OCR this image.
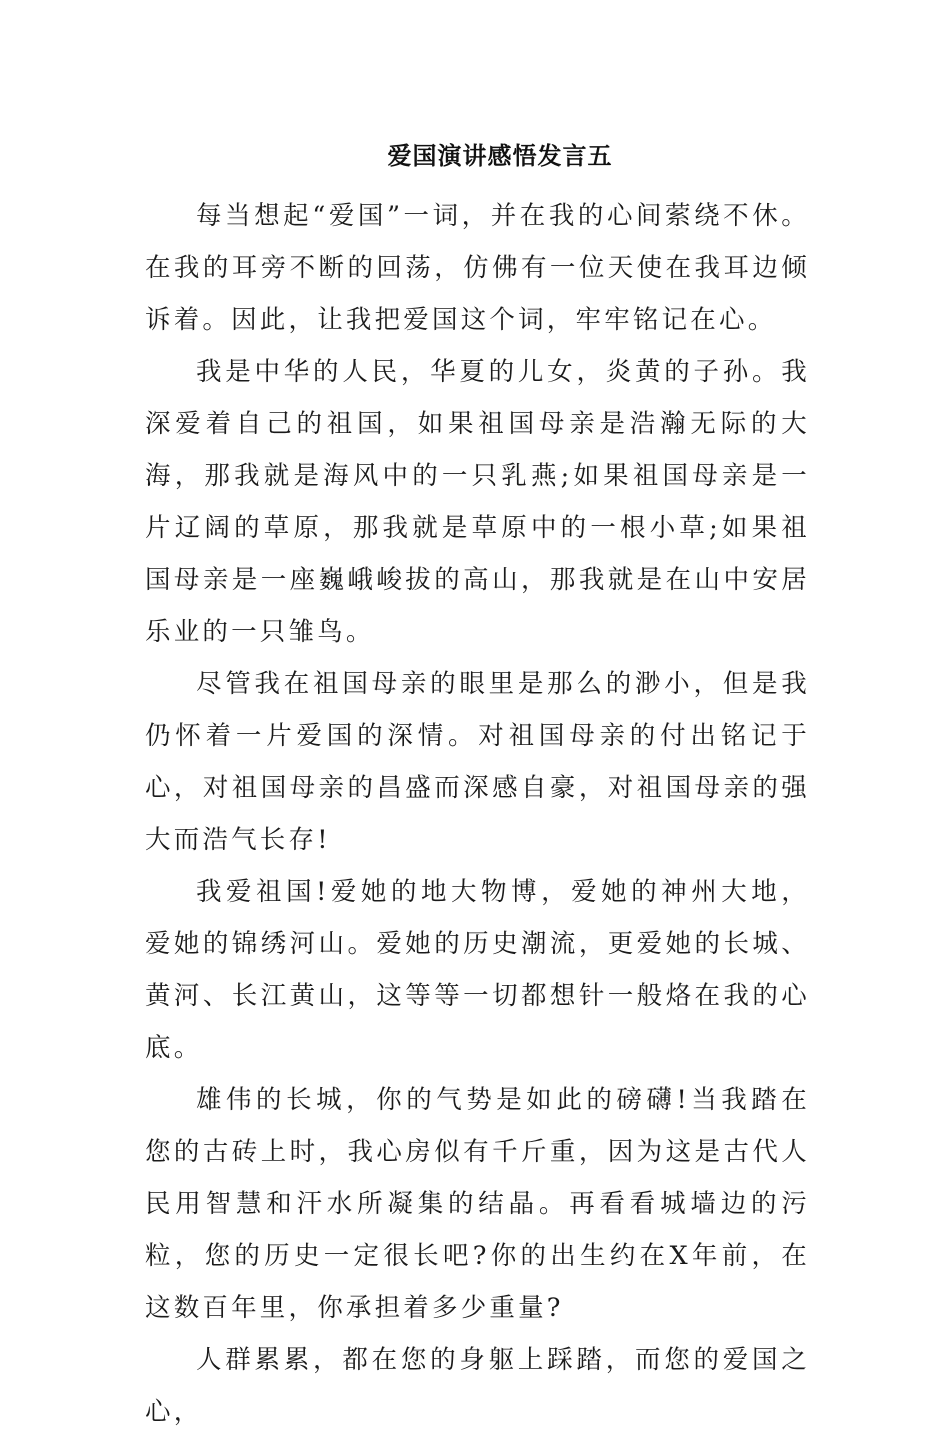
爱国演讲感悟发言五

每当想起“爱国”一词，并在我的心间萦绕不休。在我的耳旁不断的回荡，仿佛有一位天使在我耳边倾诉着。因此，让我把爱国这个词，牢牢铭记在心。

我是中华的人民，华夏的儿女，炎黄的子孙。我深爱着自己的祖国，如果祖国母亲是浩瀚无际的大海，那我就是海风中的一只乳燕;如果祖国母亲是一片辽阔的草原，那我就是草原中的一根小草;如果祖国母亲是一座巍峨峻拔的高山，那我就是在山中安居乐业的一只雏鸟。

尽管我在祖国母亲的眼里是那么的渺小，但是我仍怀着一片爱国的深情。对祖国母亲的付出铭记于心，对祖国母亲的昌盛而深感自豪，对祖国母亲的强大而浩气长存!

我爱祖国!爱她的地大物博，爱她的神州大地，爱她的锦绣河山。爱她的历史潮流，更爱她的长城、黄河、长江黄山，这等等一切都想针一般烙在我的心底。

雄伟的长城，你的气势是如此的磅礴!当我踏在您的古砖上时，我心房似有千斤重，因为这是古代人民用智慧和汗水所凝集的结晶。再看看城墙边的污粒，您的历史一定很长吧?你的出生约在X年前，在这数百年里，你承担着多少重量?

人群累累，都在您的身躯上踩踏，而您的爱国之心，
